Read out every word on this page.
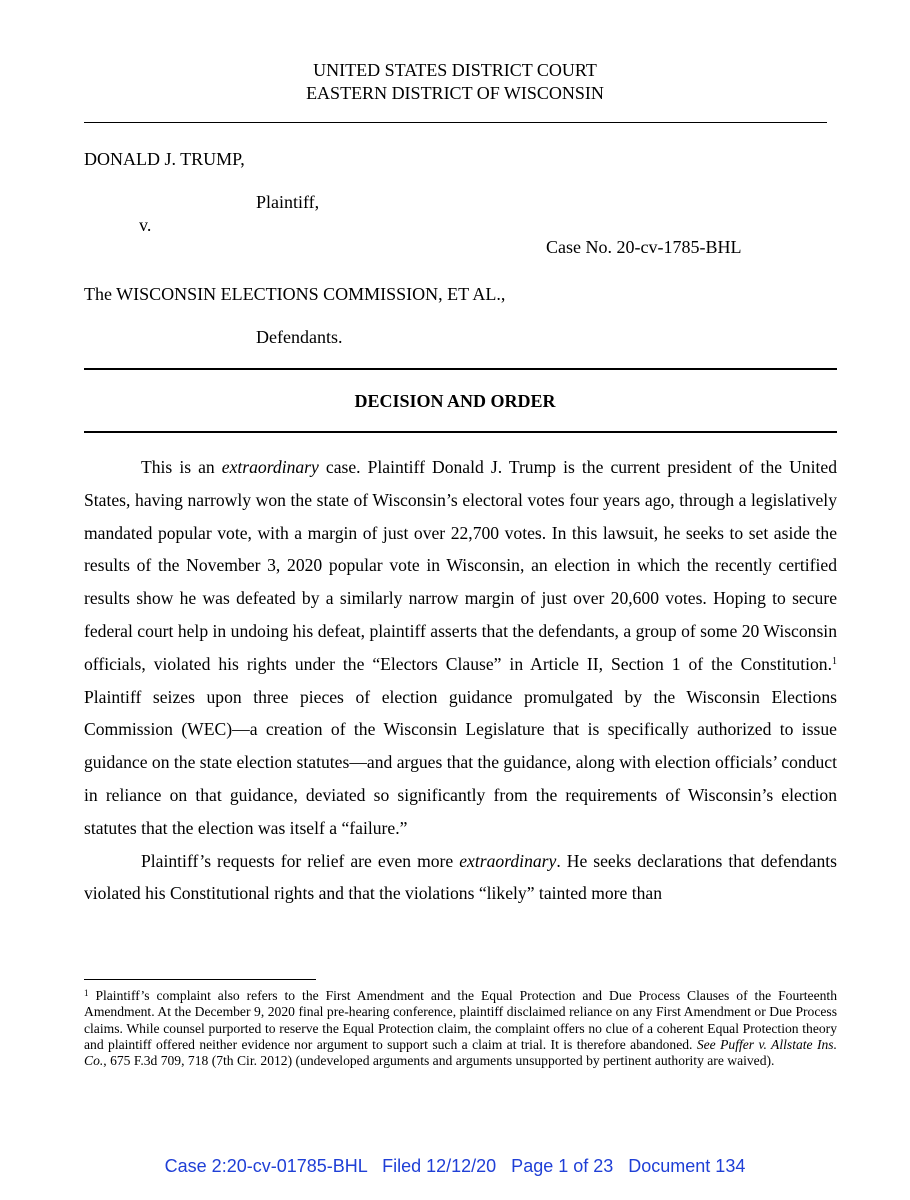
UNITED STATES DISTRICT COURT
EASTERN DISTRICT OF WISCONSIN
DONALD J. TRUMP,
Plaintiff,
v.
Case No. 20-cv-1785-BHL
The WISCONSIN ELECTIONS COMMISSION, ET AL.,
Defendants.
DECISION AND ORDER

This is an extraordinary case. Plaintiff Donald J. Trump is the current president of the United States, having narrowly won the state of Wisconsin’s electoral votes four years ago, through a legislatively mandated popular vote, with a margin of just over 22,700 votes. In this lawsuit, he seeks to set aside the results of the November 3, 2020 popular vote in Wisconsin, an election in which the recently certified results show he was defeated by a similarly narrow margin of just over 20,600 votes. Hoping to secure federal court help in undoing his defeat, plaintiff asserts that the defendants, a group of some 20 Wisconsin officials, violated his rights under the “Electors Clause” in Article II, Section 1 of the Constitution.$^1$ Plaintiff seizes upon three pieces of election guidance promulgated by the Wisconsin Elections Commission (WEC)—a creation of the Wisconsin Legislature that is specifically authorized to issue guidance on the state election statutes—and argues that the guidance, along with election officials’ conduct in reliance on that guidance, deviated so significantly from the requirements of Wisconsin’s election statutes that the election was itself a “failure.”

Plaintiff’s requests for relief are even more extraordinary. He seeks declarations that defendants violated his Constitutional rights and that the violations “likely” tainted more than

$^1$ Plaintiff’s complaint also refers to the First Amendment and the Equal Protection and Due Process Clauses of the Fourteenth Amendment. At the December 9, 2020 final pre-hearing conference, plaintiff disclaimed reliance on any First Amendment or Due Process claims. While counsel purported to reserve the Equal Protection claim, the complaint offers no clue of a coherent Equal Protection theory and plaintiff offered neither evidence nor argument to support such a claim at trial. It is therefore abandoned. See Puffer v. Allstate Ins. Co., 675 F.3d 709, 718 (7th Cir. 2012) (undeveloped arguments and arguments unsupported by pertinent authority are waived).

Case 2:20-cv-01785-BHL   Filed 12/12/20   Page 1 of 23   Document 134
